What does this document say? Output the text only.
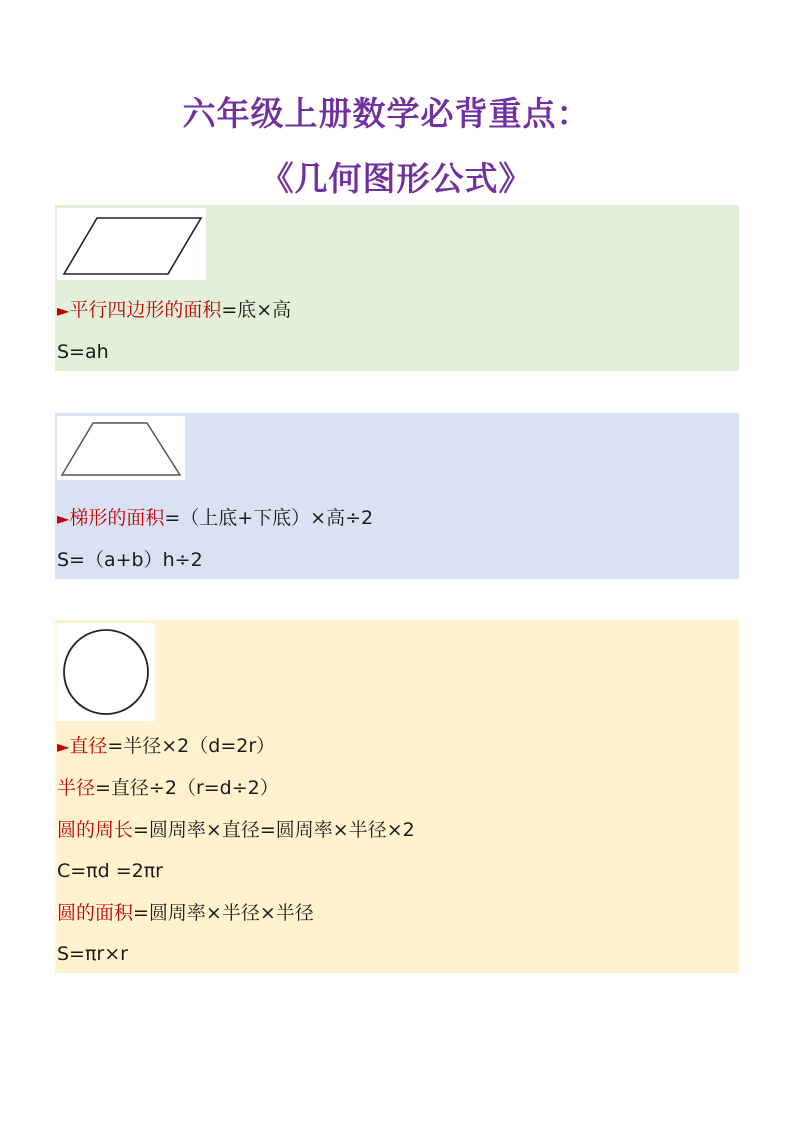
六年级上册数学必背重点：
《几何图形公式》
►平行四边形的面积=底×高
S=ah
►梯形的面积=（上底+下底）×高÷2
S=（a+b）h÷2
►直径=半径×2（d=2r）
半径=直径÷2（r=d÷2）
圆的周长=圆周率×直径=圆周率×半径×2
C=πd =2πr
圆的面积=圆周率×半径×半径
S=πr×r
